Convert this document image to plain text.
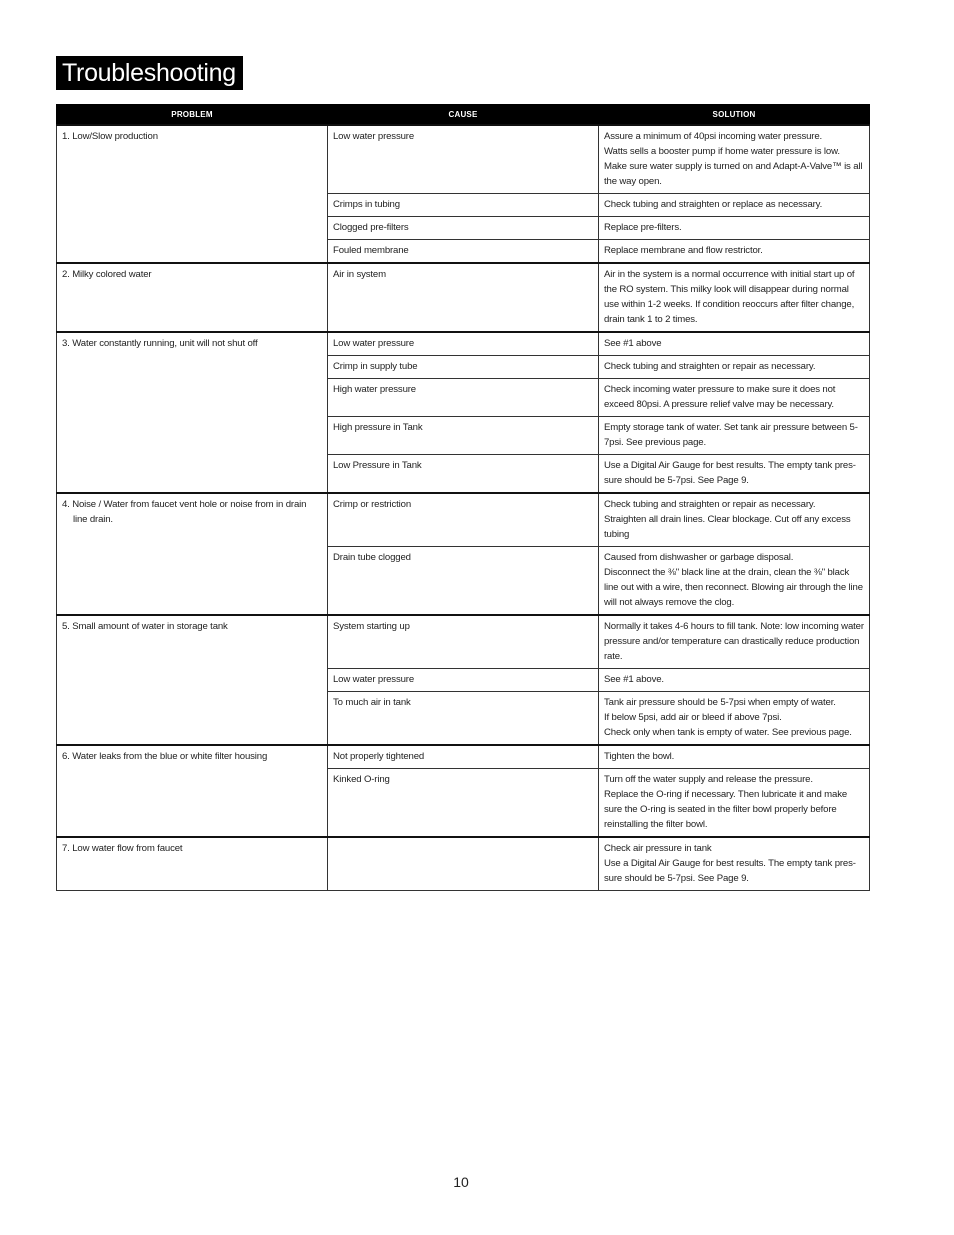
Troubleshooting
PROBLEM	CAUSE	SOLUTION

1. Low/Slow production	Low water pressure	Assure a minimum of 40psi incoming water pressure.
Watts sells a booster pump if home water pressure is low.
Make sure water supply is turned on and Adapt-A-Valve™ is all the way open.

	Crimps in tubing	Check tubing and straighten or replace as necessary.

	Clogged pre-filters	Replace pre-filters.

	Fouled membrane	Replace membrane and flow restrictor.

2. Milky colored water	Air in system	Air in the system is a normal occurrence with initial start up of the RO system. This milky look will disappear during normal use within 1-2 weeks. If condition reoccurs after filter change, drain tank 1 to 2 times.

3. Water constantly running, unit will not shut off	Low water pressure	See #1 above

	Crimp in supply tube	Check tubing and straighten or repair as necessary.

	High water pressure	Check incoming water pressure to make sure it does not exceed 80psi. A pressure relief valve may be necessary.

	High pressure in Tank	Empty storage tank of water. Set tank air pressure between 5-7psi. See previous page.

	Low Pressure in Tank	Use a Digital Air Gauge for best results. The empty tank pres-sure should be 5-7psi. See Page 9.

4. Noise / Water from faucet vent hole or noise from in drain line drain.	Crimp or restriction	Check tubing and straighten or repair as necessary.
Straighten all drain lines. Clear blockage. Cut off any excess tubing

	Drain tube clogged	Caused from dishwasher or garbage disposal.
Disconnect the ⅜" black line at the drain, clean the ⅜" black line out with a wire, then reconnect. Blowing air through the line will not always remove the clog.

5. Small amount of water in storage tank	System starting up	Normally it takes 4-6 hours to fill tank. Note: low incoming water pressure and/or temperature can drastically reduce production rate.

	Low water pressure	See #1 above.

	To much air in tank	Tank air pressure should be 5-7psi when empty of water.
If below 5psi, add air or bleed if above 7psi.
Check only when tank is empty of water. See previous page.

6. Water leaks from the blue or white filter housing	Not properly tightened	Tighten the bowl.

	Kinked O-ring	Turn off the water supply and release the pressure.
Replace the O-ring if necessary. Then lubricate it and make sure the O-ring is seated in the filter bowl properly before reinstalling the filter bowl.

7. Low water flow from faucet		Check air pressure in tank
Use a Digital Air Gauge for best results. The empty tank pres-sure should be 5-7psi. See Page 9.
10
